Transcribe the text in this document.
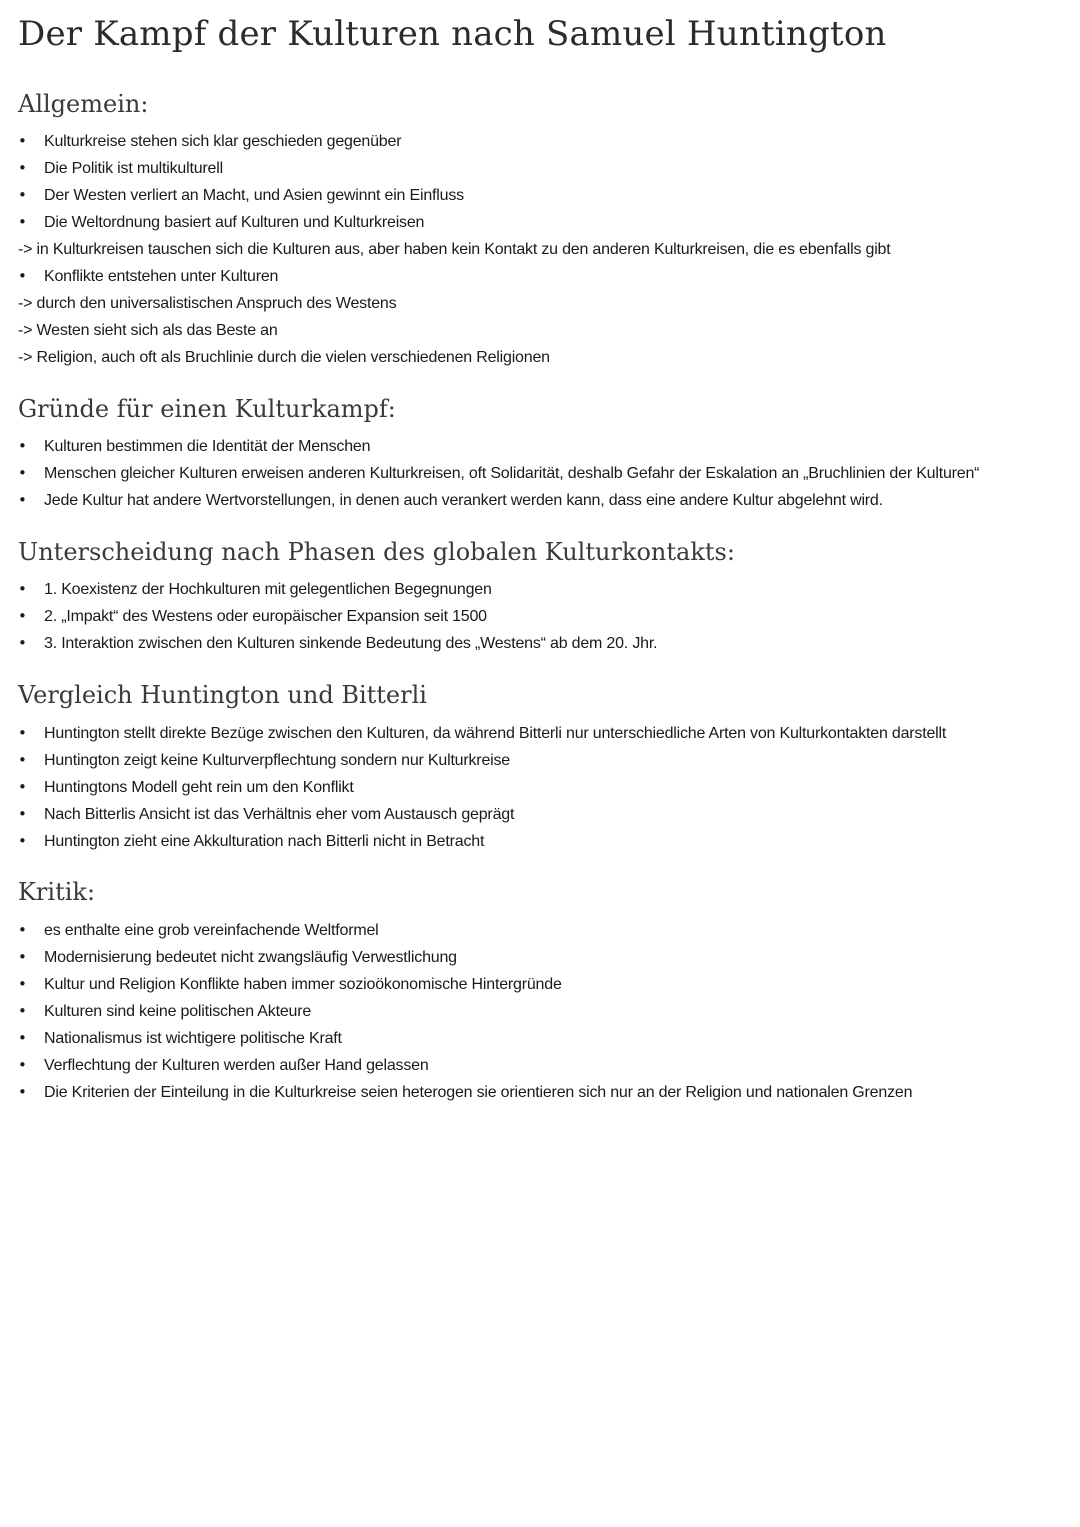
Der Kampf der Kulturen nach Samuel Huntington
Allgemein:
•	Kulturkreise stehen sich klar geschieden gegenüber
•	Die Politik ist multikulturell
•	Der Westen verliert an Macht, und Asien gewinnt ein Einfluss
•	Die Weltordnung basiert auf Kulturen und Kulturkreisen
-> in Kulturkreisen tauschen sich die Kulturen aus, aber haben kein Kontakt zu den anderen Kulturkreisen, die es ebenfalls gibt
•	Konflikte entstehen unter Kulturen
-> durch den universalistischen Anspruch des Westens
-> Westen sieht sich als das Beste an
-> Religion, auch oft als Bruchlinie durch die vielen verschiedenen Religionen
Gründe für einen Kulturkampf:
•	Kulturen bestimmen die Identität der Menschen
•	Menschen gleicher Kulturen erweisen anderen Kulturkreisen, oft Solidarität, deshalb Gefahr der Eskalation an „Bruchlinien der Kulturen“
•	Jede Kultur hat andere Wertvorstellungen, in denen auch verankert werden kann, dass eine andere Kultur abgelehnt wird.
Unterscheidung nach Phasen des globalen Kulturkontakts:
•	1. Koexistenz der Hochkulturen mit gelegentlichen Begegnungen
•	2. „Impakt“ des Westens oder europäischer Expansion seit 1500
•	3. Interaktion zwischen den Kulturen sinkende Bedeutung des „Westens“ ab dem 20. Jhr.
Vergleich Huntington und Bitterli
•	Huntington stellt direkte Bezüge zwischen den Kulturen, da während Bitterli nur unterschiedliche Arten von Kulturkontakten darstellt
•	Huntington zeigt keine Kulturverpflechtung sondern nur Kulturkreise
•	Huntingtons Modell geht rein um den Konflikt
•	Nach Bitterlis Ansicht ist das Verhältnis eher vom Austausch geprägt
•	Huntington zieht eine Akkulturation nach Bitterli nicht in Betracht
Kritik:
•	es enthalte eine grob vereinfachende Weltformel
•	Modernisierung bedeutet nicht zwangsläufig Verwestlichung
•	Kultur und Religion Konflikte haben immer sozioökonomische Hintergründe
•	Kulturen sind keine politischen Akteure
•	Nationalismus ist wichtigere politische Kraft
•	Verflechtung der Kulturen werden außer Hand gelassen
•	Die Kriterien der Einteilung in die Kulturkreise seien heterogen sie orientieren sich nur an der Religion und nationalen Grenzen
